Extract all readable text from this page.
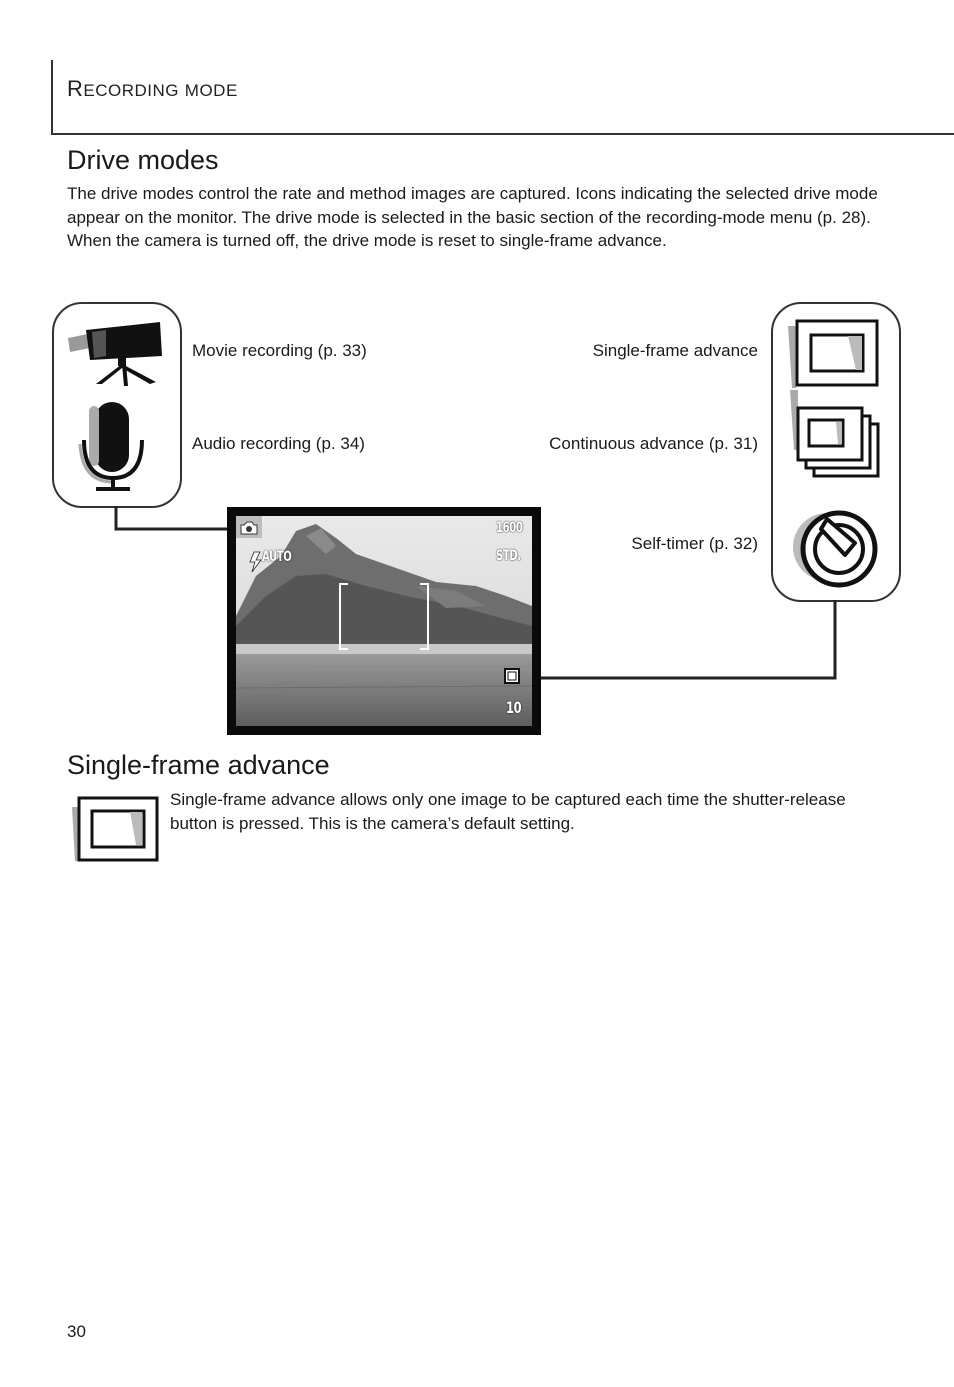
RECORDING MODE
Drive modes
The drive modes control the rate and method images are captured. Icons indicating the selected drive mode appear on the monitor. The drive mode is selected in the basic section of the recording-mode menu (p. 28). When the camera is turned off, the drive mode is reset to single-frame advance.
Movie recording (p. 33)
Audio recording (p. 34)
Single-frame advance
Continuous advance (p. 31)
Self-timer (p. 32)
1600
STD.
AUTO
10
Single-frame advance
Single-frame advance allows only one image to be captured each time the shutter-release button is pressed. This is the camera’s default setting.
30
